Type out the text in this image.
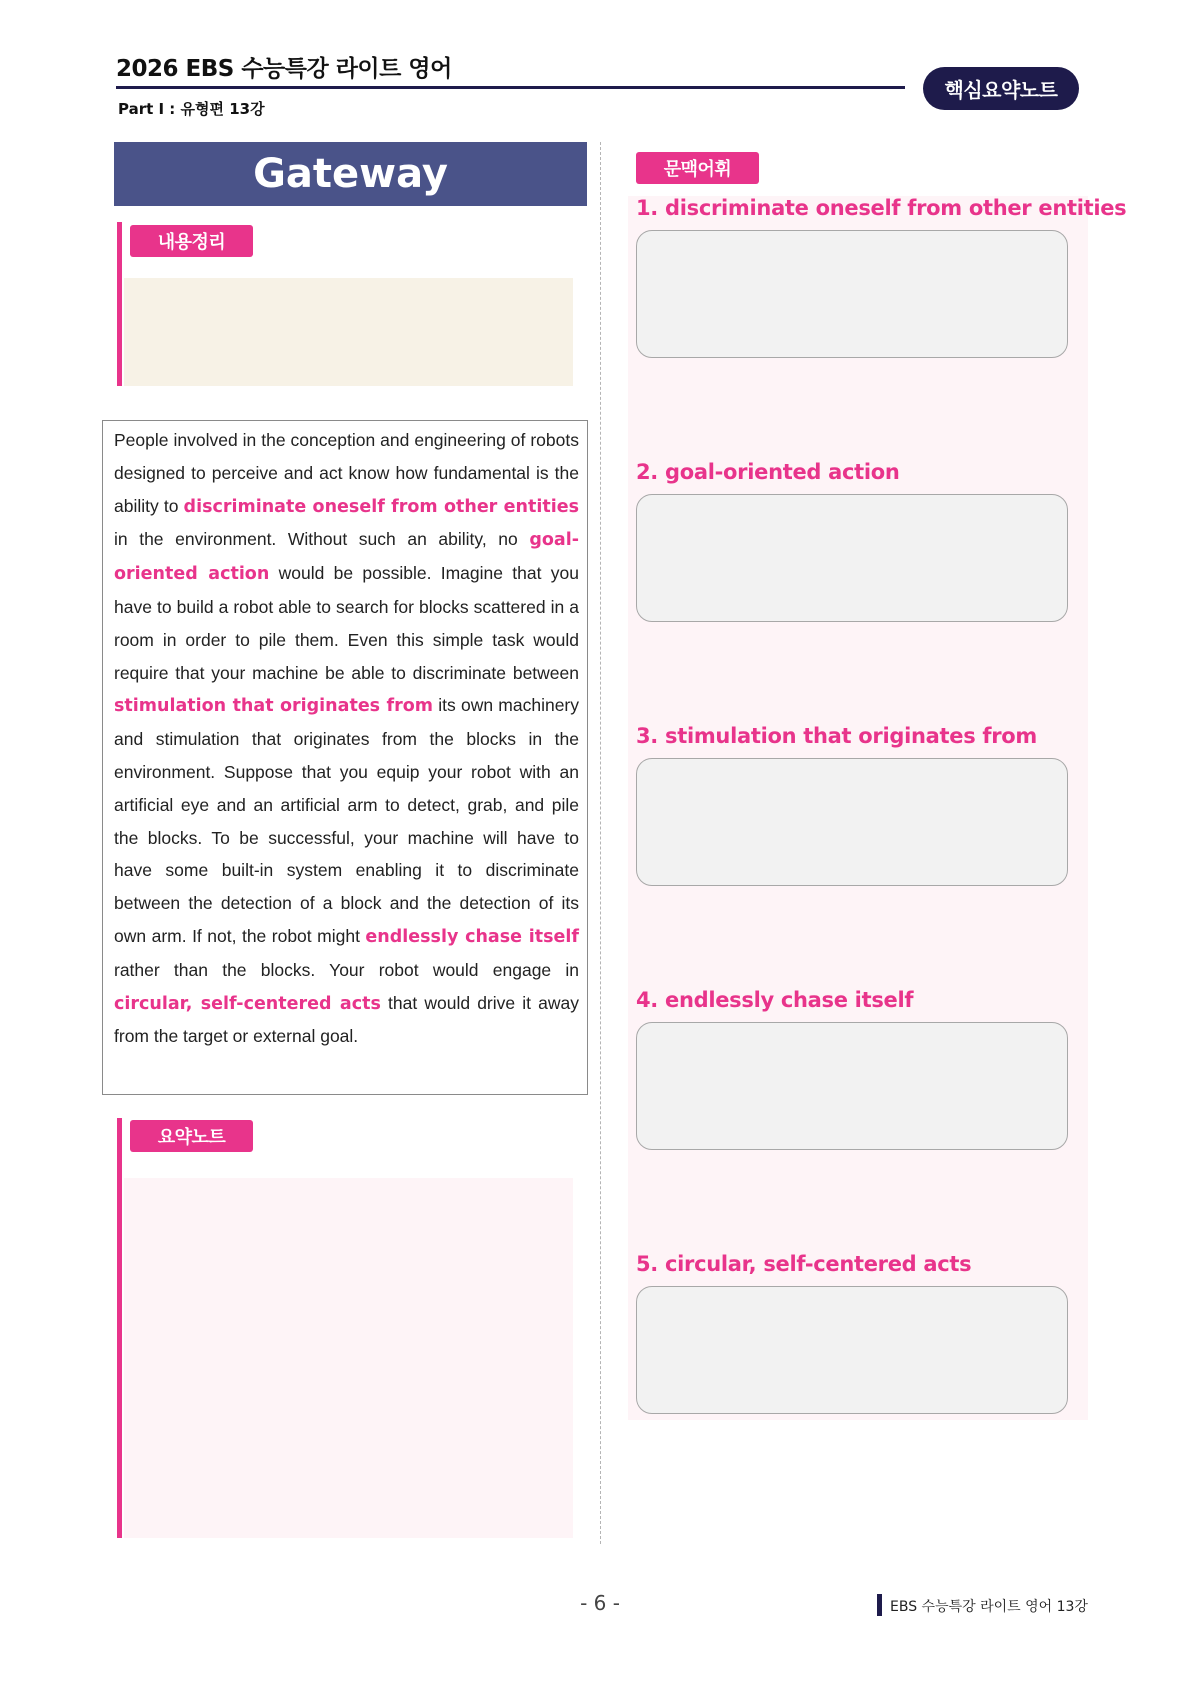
2026 EBS 수능특강 라이트 영어
Part Ⅰ : 유형편 13강
핵심요약노트
Gateway
내용정리
People involved in the conception and engineering of robots designed to perceive and act know how fundamental is the ability to discriminate oneself from other entities in the environment. Without such an ability, no goal-oriented action would be possible. Imagine that you have to build a robot able to search for blocks scattered in a room in order to pile them. Even this simple task would require that your machine be able to discriminate between stimulation that originates from its own machinery and stimulation that originates from the blocks in the environment. Suppose that you equip your robot with an artificial eye and an artificial arm to detect, grab, and pile the blocks. To be successful, your machine will have to have some built-in system enabling it to discriminate between the detection of a block and the detection of its own arm. If not, the robot might endlessly chase itself rather than the blocks. Your robot would engage in circular, self-centered acts that would drive it away from the target or external goal.
요약노트
문맥어휘
1. discriminate oneself from other entities
2. goal-oriented action
3. stimulation that originates from
4. endlessly chase itself
5. circular, self-centered acts
- 6 -	EBS 수능특강 라이트 영어 13강
